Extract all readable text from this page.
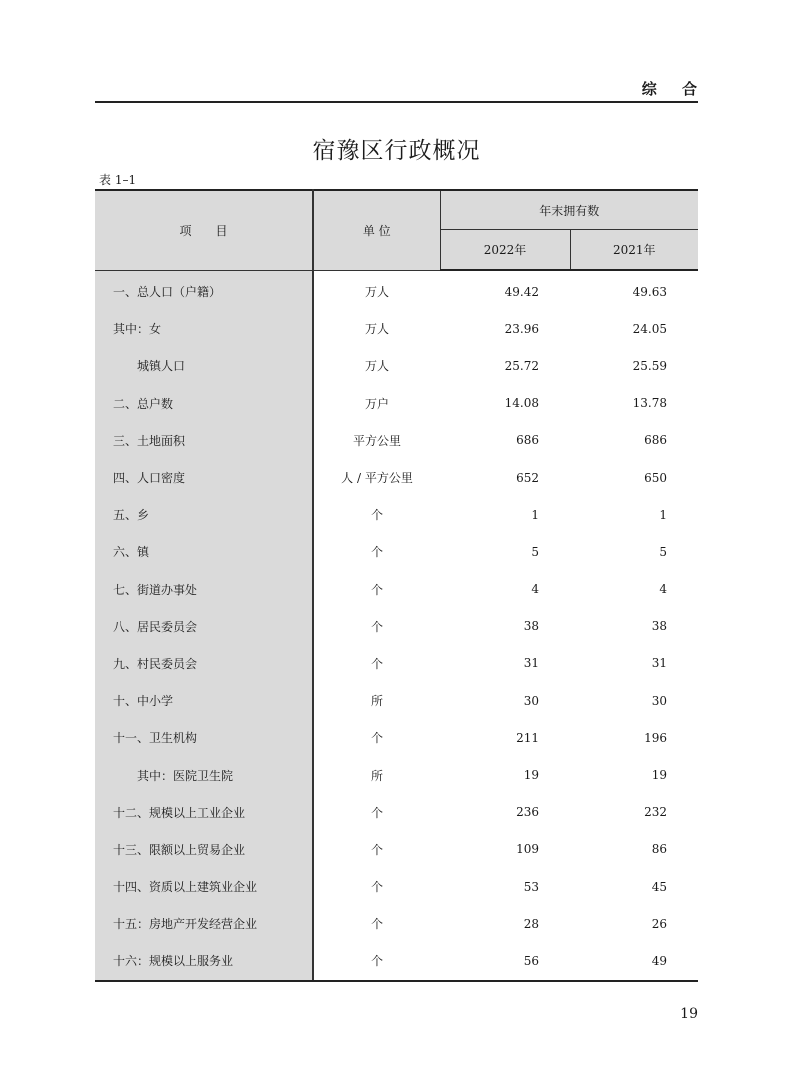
综 合
宿豫区行政概况
表 1–1
项　　目	单 位	年末拥有数	
		2022年	2021年
一、总人口（户籍）	万人	49.42	49.63
其中：女	万人	23.96	24.05
城镇人口	万人	25.72	25.59
二、总户数	万户	14.08	13.78
三、土地面积	平方公里	686	686
四、人口密度	人 / 平方公里	652	650
五、乡	个	1	1
六、镇	个	5	5
七、街道办事处	个	4	4
八、居民委员会	个	38	38
九、村民委员会	个	31	31
十、中小学	所	30	30
十一、卫生机构	个	211	196
其中：医院卫生院	所	19	19
十二、规模以上工业企业	个	236	232
十三、限额以上贸易企业	个	109	86
十四、资质以上建筑业企业	个	53	45
十五：房地产开发经营企业	个	28	26
十六：规模以上服务业	个	56	49
19
